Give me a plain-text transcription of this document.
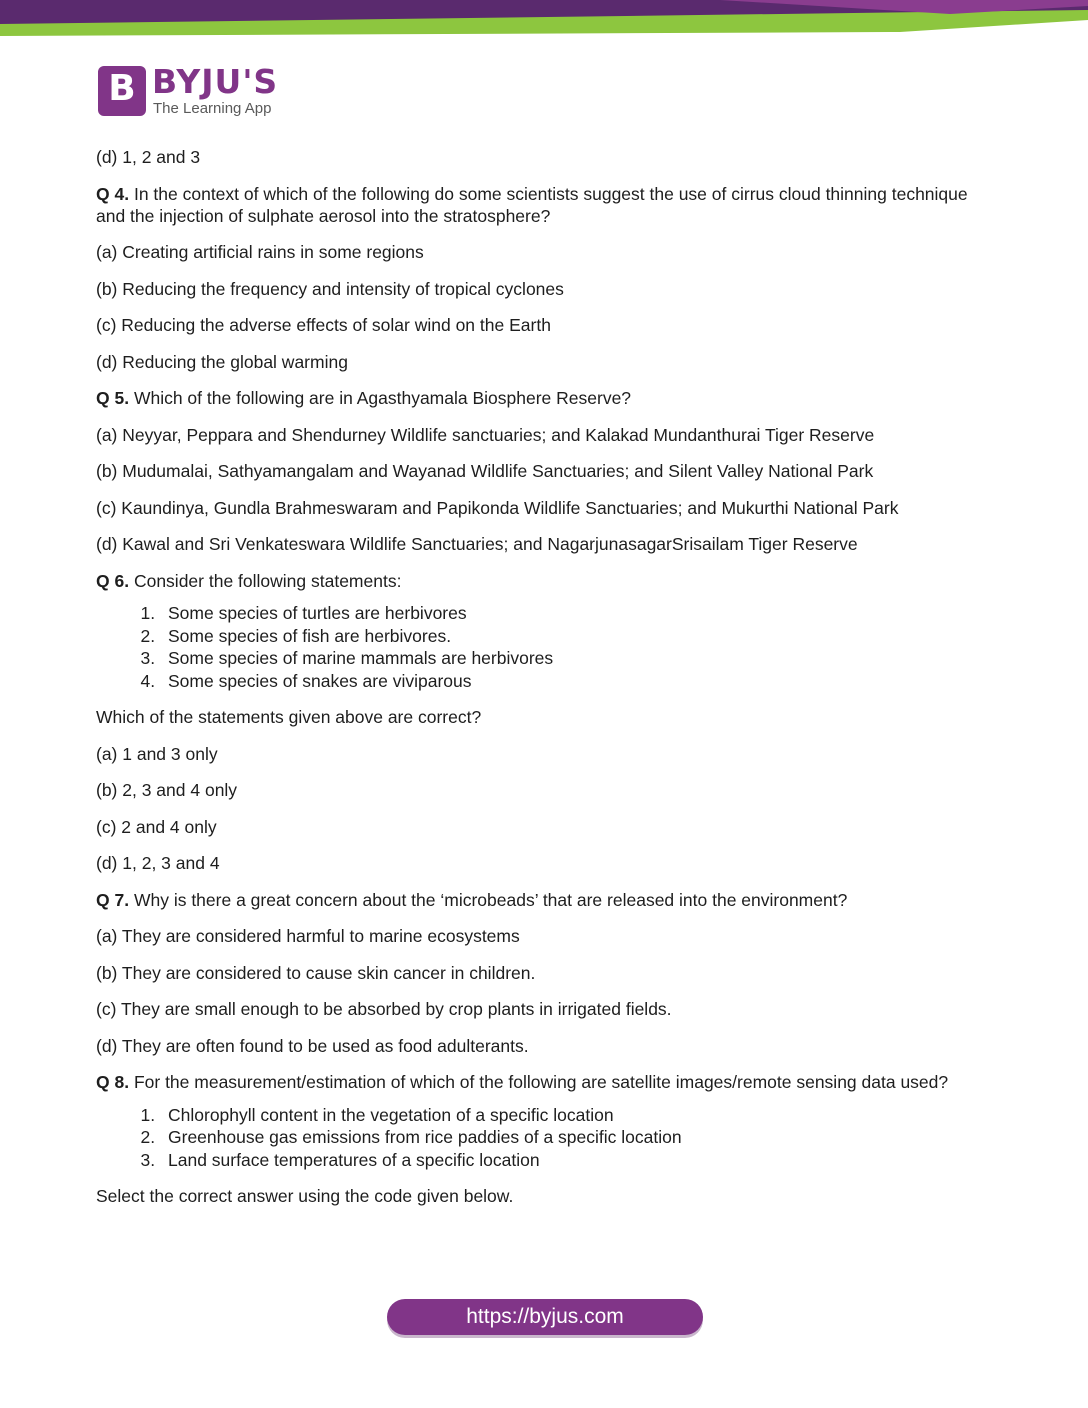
B BYJU'S
The Learning App

(d) 1, 2 and 3

Q 4. In the context of which of the following do some scientists suggest the use of cirrus cloud thinning technique and the injection of sulphate aerosol into the stratosphere?

(a) Creating artificial rains in some regions

(b) Reducing the frequency and intensity of tropical cyclones

(c) Reducing the adverse effects of solar wind on the Earth

(d) Reducing the global warming

Q 5. Which of the following are in Agasthyamala Biosphere Reserve?

(a) Neyyar, Peppara and Shendurney Wildlife sanctuaries; and Kalakad Mundanthurai Tiger Reserve

(b) Mudumalai, Sathyamangalam and Wayanad Wildlife Sanctuaries; and Silent Valley National Park

(c) Kaundinya, Gundla Brahmeswaram and Papikonda Wildlife Sanctuaries; and Mukurthi National Park

(d) Kawal and Sri Venkateswara Wildlife Sanctuaries; and NagarjunasagarSrisailam Tiger Reserve

Q 6. Consider the following statements:

1. Some species of turtles are herbivores
2. Some species of fish are herbivores.
3. Some species of marine mammals are herbivores
4. Some species of snakes are viviparous

Which of the statements given above are correct?

(a) 1 and 3 only

(b) 2, 3 and 4 only

(c) 2 and 4 only

(d) 1, 2, 3 and 4

Q 7. Why is there a great concern about the ‘microbeads’ that are released into the environment?

(a) They are considered harmful to marine ecosystems

(b) They are considered to cause skin cancer in children.

(c) They are small enough to be absorbed by crop plants in irrigated fields.

(d) They are often found to be used as food adulterants.

Q 8. For the measurement/estimation of which of the following are satellite images/remote sensing data used?

1. Chlorophyll content in the vegetation of a specific location
2. Greenhouse gas emissions from rice paddies of a specific location
3. Land surface temperatures of a specific location

Select the correct answer using the code given below.

https://byjus.com
